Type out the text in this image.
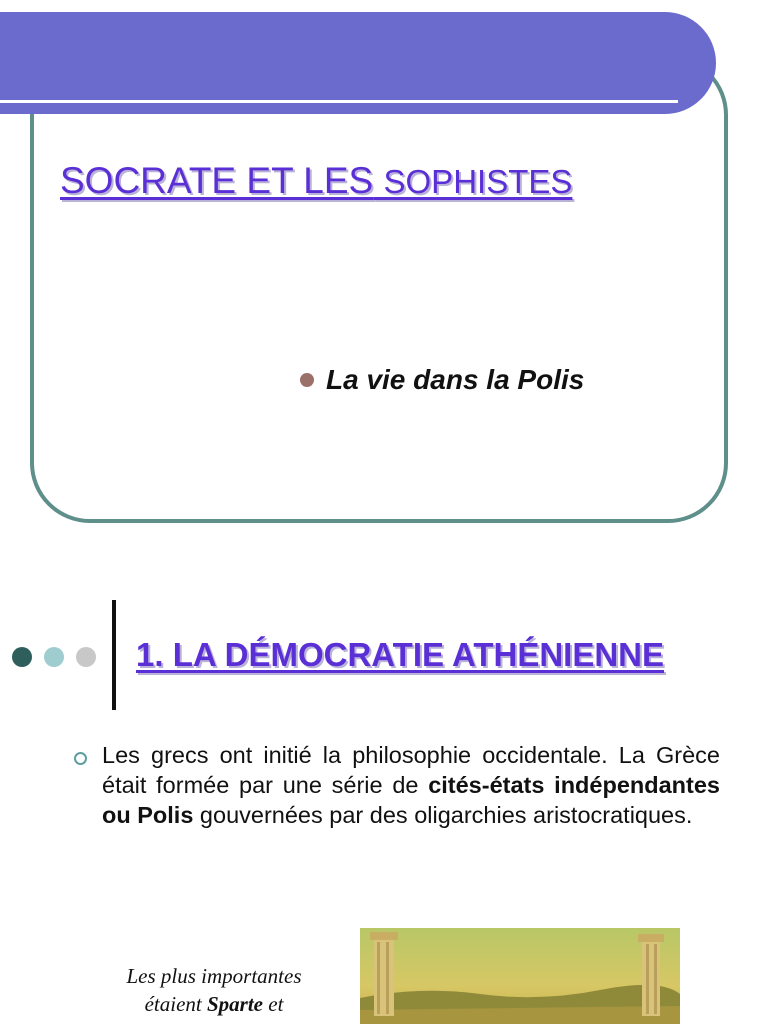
SOCRATE ET LES SOPHISTES
La vie dans la Polis
1. LA DÉMOCRATIE ATHÉNIENNE
Les grecs ont initié la philosophie occidentale. La Grèce était formée par une série de cités-états indépendantes ou Polis gouvernées par des oligarchies aristocratiques.
Les plus importantes
étaient Sparte et
